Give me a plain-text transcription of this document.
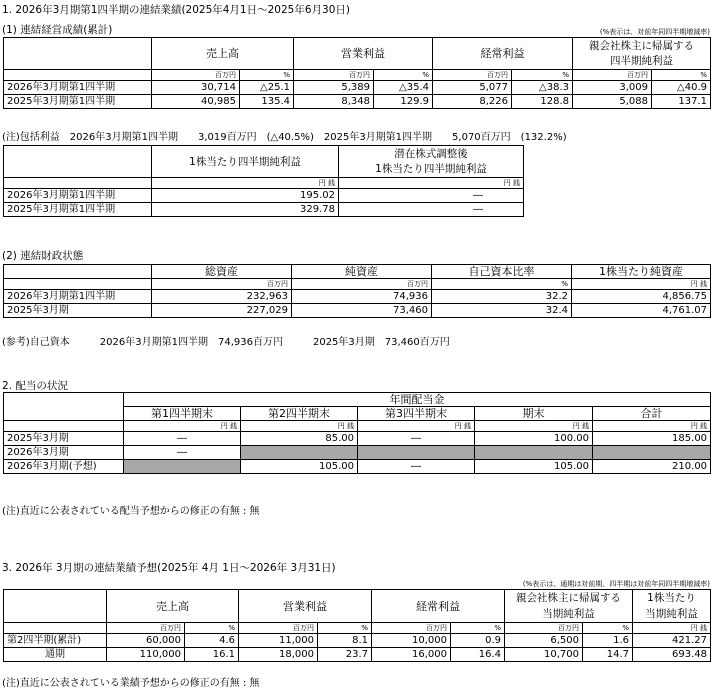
1. 2026年3月期第1四半期の連結業績(2025年4月1日～2025年6月30日)
(1) 連結経営成績(累計)	(%表示は、対前年同四半期増減率)
	売上高		営業利益		経常利益		親会社株主に帰属する	
							四半期純利益	
	百万円	%	百万円	%	百万円	%	百万円	%
2026年3月期第1四半期	30,714	△25.1	5,389	△35.4	5,077	△38.3	3,009	△40.9
2025年3月期第1四半期	40,985	135.4	8,348	129.9	8,226	128.8	5,088	137.1
(注)包括利益　2026年3月期第1四半期　　3,019百万円　(△40.5%)　2025年3月期第1四半期　　5,070百万円　(132.2%)
	1株当たり四半期純利益	潜在株式調整後
1株当たり四半期純利益

	円 銭	円 銭
2026年3月期第1四半期	195.02	―
2025年3月期第1四半期	329.78	―
(2) 連結財政状態
	総資産	純資産	自己資本比率	1株当たり純資産
	百万円	百万円	%	円 銭
2026年3月期第1四半期	232,963	74,936	32.2	4,856.75
2025年3月期	227,029	73,460	32.4	4,761.07
(参考)自己資本　　　2026年3月期第1四半期　74,936百万円　　　2025年3月期　73,460百万円
2. 配当の状況
	年間配当金				
	第1四半期末	第2四半期末	第3四半期末	期末	合計
	円 銭	円 銭	円 銭	円 銭	円 銭
2025年3月期	―	85.00	―	100.00	185.00
2026年3月期	―				
2026年3月期(予想)		105.00	―	105.00	210.00
(注)直近に公表されている配当予想からの修正の有無 : 無
3. 2026年 3月期の連結業績予想(2025年 4月 1日～2026年 3月31日)
(%表示は、通期は対前期、四半期は対前年同四半期増減率)
	売上高		営業利益		経常利益		親会社株主に帰属する		1株当たり
							当期純利益		当期純利益
	百万円	%	百万円	%	百万円	%	百万円	%	円 銭
第2四半期(累計)	60,000	4.6	11,000	8.1	10,000	0.9	6,500	1.6	421.27
通期	110,000	16.1	18,000	23.7	16,000	16.4	10,700	14.7	693.48
(注)直近に公表されている業績予想からの修正の有無 : 無
